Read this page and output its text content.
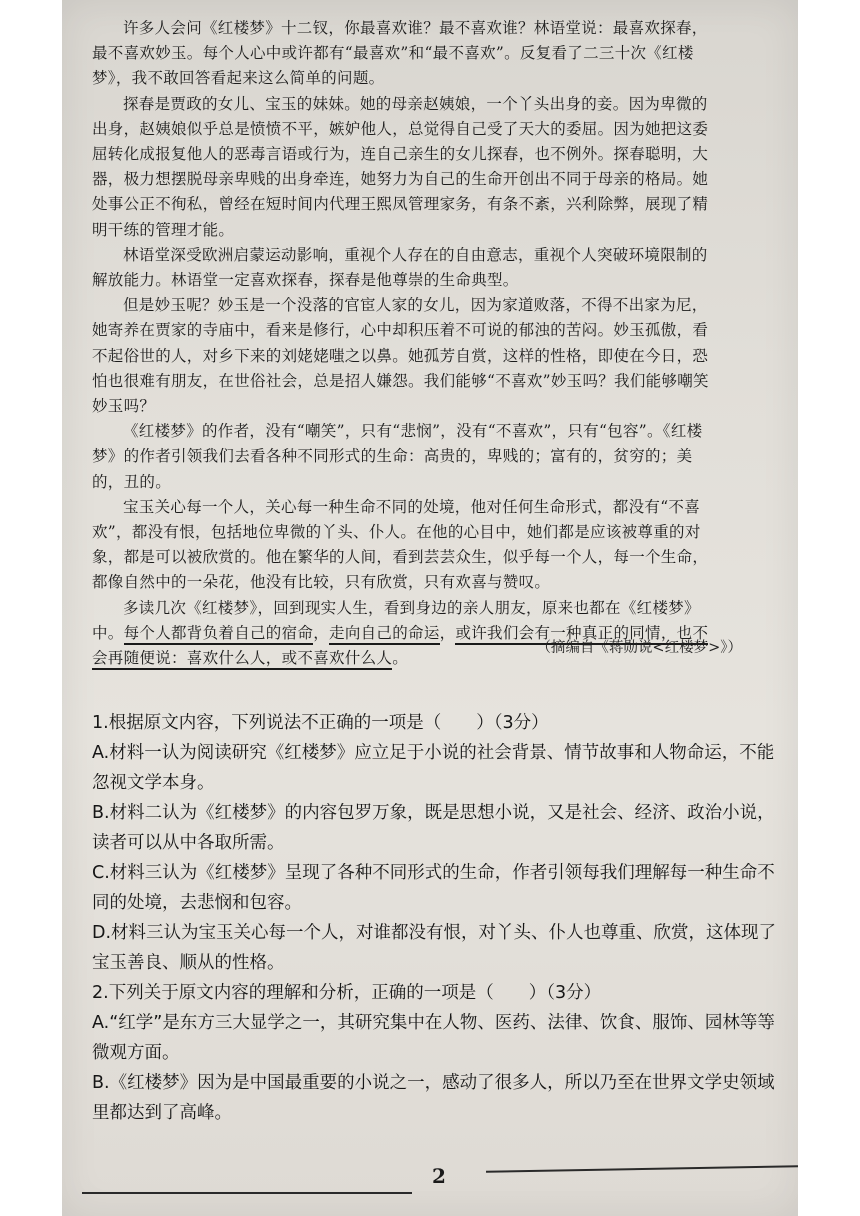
许多人会问《红楼梦》十二钗，你最喜欢谁？最不喜欢谁？林语堂说：最喜欢探春，最不喜欢妙玉。每个人心中或许都有“最喜欢”和“最不喜欢”。反复看了二三十次《红楼梦》，我不敢回答看起来这么简单的问题。

探春是贾政的女儿、宝玉的妹妹。她的母亲赵姨娘，一个丫头出身的妾。因为卑微的出身，赵姨娘似乎总是愤愤不平，嫉妒他人，总觉得自己受了天大的委屈。因为她把这委屈转化成报复他人的恶毒言语或行为，连自己亲生的女儿探春，也不例外。探春聪明，大器，极力想摆脱母亲卑贱的出身牵连，她努力为自己的生命开创出不同于母亲的格局。她处事公正不徇私，曾经在短时间内代理王熙凤管理家务，有条不紊，兴利除弊，展现了精明干练的管理才能。

林语堂深受欧洲启蒙运动影响，重视个人存在的自由意志，重视个人突破环境限制的解放能力。林语堂一定喜欢探春，探春是他尊崇的生命典型。

但是妙玉呢？妙玉是一个没落的官宦人家的女儿，因为家道败落，不得不出家为尼，她寄养在贾家的寺庙中，看来是修行，心中却积压着不可说的郁浊的苦闷。妙玉孤傲，看不起俗世的人，对乡下来的刘姥姥嗤之以鼻。她孤芳自赏，这样的性格，即使在今日，恐怕也很难有朋友，在世俗社会，总是招人嫌怨。我们能够“不喜欢”妙玉吗？我们能够嘲笑妙玉吗？

《红楼梦》的作者，没有“嘲笑”，只有“悲悯”，没有“不喜欢”，只有“包容”。《红楼梦》的作者引领我们去看各种不同形式的生命：高贵的，卑贱的；富有的，贫穷的；美的，丑的。

宝玉关心每一个人，关心每一种生命不同的处境，他对任何生命形式，都没有“不喜欢”，都没有恨，包括地位卑微的丫头、仆人。在他的心目中，她们都是应该被尊重的对象，都是可以被欣赏的。他在繁华的人间，看到芸芸众生，似乎每一个人，每一个生命，都像自然中的一朵花，他没有比较，只有欣赏，只有欢喜与赞叹。

多读几次《红楼梦》，回到现实人生，看到身边的亲人朋友，原来也都在《红楼梦》中。每个人都背负着自己的宿命，走向自己的命运，或许我们会有一种真正的同情，也不会再随便说：喜欢什么人，或不喜欢什么人。

（摘编自《蒋勋说<红楼梦>》）

1.根据原文内容，下列说法不正确的一项是（　　）（3分）

A.材料一认为阅读研究《红楼梦》应立足于小说的社会背景、情节故事和人物命运，不能忽视文学本身。

B.材料二认为《红楼梦》的内容包罗万象，既是思想小说，又是社会、经济、政治小说，读者可以从中各取所需。

C.材料三认为《红楼梦》呈现了各种不同形式的生命，作者引领每我们理解每一种生命不同的处境，去悲悯和包容。

D.材料三认为宝玉关心每一个人，对谁都没有恨，对丫头、仆人也尊重、欣赏，这体现了宝玉善良、顺从的性格。

2.下列关于原文内容的理解和分析，正确的一项是（　　）（3分）

A.“红学”是东方三大显学之一，其研究集中在人物、医药、法律、饮食、服饰、园林等等微观方面。

B.《红楼梦》因为是中国最重要的小说之一，感动了很多人，所以乃至在世界文学史领域里都达到了高峰。

2
